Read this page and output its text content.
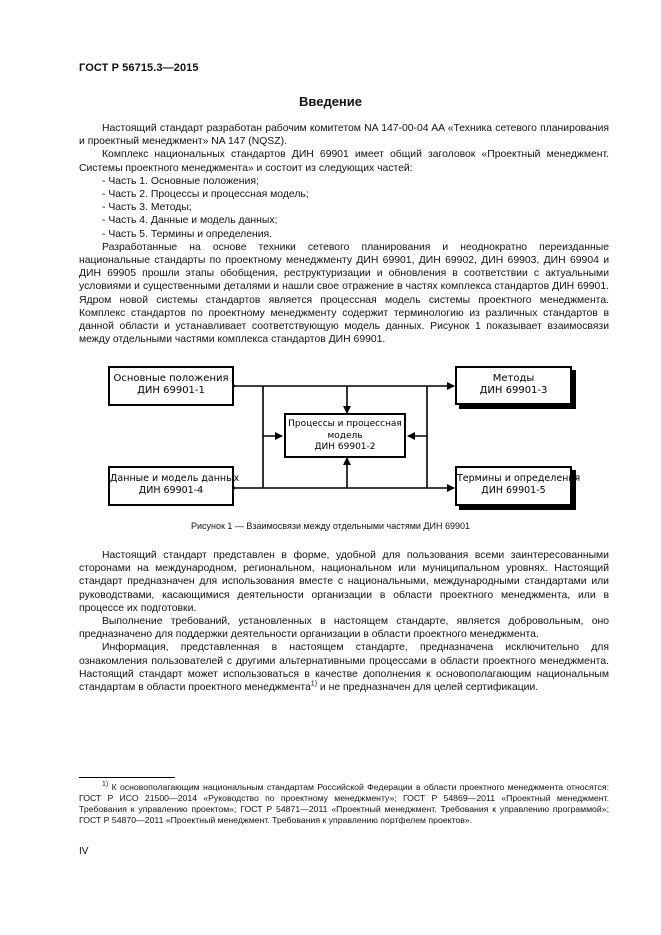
ГОСТ Р 56715.3—2015
Введение

Настоящий стандарт разработан рабочим комитетом NA 147-00-04 AA «Техника сетевого планирования и проектный менеджмент» NA 147 (NQSZ).

Комплекс национальных стандартов ДИН 69901 имеет общий заголовок «Проектный менеджмент. Системы проектного менеджмента» и состоит из следующих частей:

- Часть 1. Основные положения;

- Часть 2. Процессы и процессная модель;

- Часть 3. Методы;

- Часть 4. Данные и модель данных;

- Часть 5. Термины и определения.

Разработанные на основе техники сетевого планирования и неоднократно переизданные национальные стандарты по проектному менеджменту ДИН 69901, ДИН 69902, ДИН 69903, ДИН 69904 и ДИН 69905 прошли этапы обобщения, реструктуризации и обновления в соответствии с актуальными условиями и существенными деталями и нашли свое отражение в частях комплекса стандартов ДИН 69901. Ядром новой системы стандартов является процессная модель системы проектного менеджмента. Комплекс стандартов по проектному менеджменту содержит терминологию из различных стандартов в данной области и устанавливает соответствующую модель данных. Рисунок 1 показывает взаимосвязи между отдельными частями комплекса стандартов ДИН 69901.

Основные положения
ДИН 69901-1
Методы
ДИН 69901-3
Процессы и процессная
модель
ДИН 69901-2
Данные и модель данных
ДИН 69901-4
Термины и определения
ДИН 69901-5
Рисунок 1 — Взаимосвязи между отдельными частями ДИН 69901

Настоящий стандарт представлен в форме, удобной для пользования всеми заинтересованными сторонами на международном, региональном, национальном или муниципальном уровнях. Настоящий стандарт предназначен для использования вместе с национальными, международными стандартами или руководствами, касающимися деятельности организации в области проектного менеджмента, или в процессе их подготовки.

Выполнение требований, установленных в настоящем стандарте, является добровольным, оно предназначено для поддержки деятельности организации в области проектного менеджмента.

Информация, представленная в настоящем стандарте, предназначена исключительно для ознакомления пользователей с другими альтернативными процессами в области проектного менеджмента. Настоящий стандарт может использоваться в качестве дополнения к основополагающим национальным стандартам в области проектного менеджмента$^{1)}$ и не предназначен для целей сертификации.

$^{1)}$ К основополагающим национальным стандартам Российской Федерации в области проектного менеджмента относятся: ГОСТ Р ИСО 21500—2014 «Руководство по проектному менеджменту»; ГОСТ Р 54869—2011 «Проектный менеджмент. Требования к управлению проектом»; ГОСТ Р 54871—2011 «Проектный менеджмент. Требования к управлению программой»; ГОСТ Р 54870—2011 «Проектный менеджмент. Требования к управлению портфелем проектов».

IV
